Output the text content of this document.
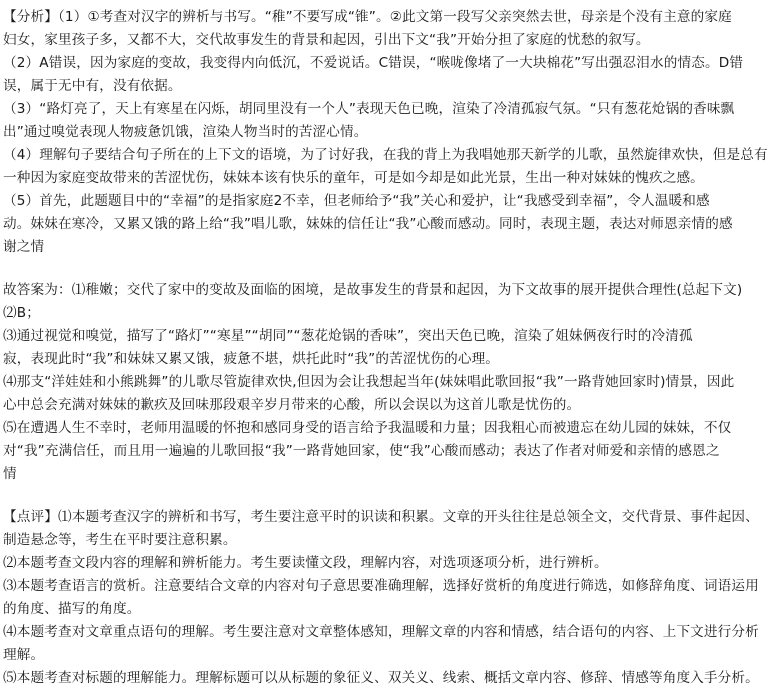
【分析】（1）①考查对汉字的辨析与书写。“稚”不要写成“锥”。②此文第一段写父亲突然去世，母亲是个没有主意的家庭

妇女，家里孩子多，又都不大，交代故事发生的背景和起因，引出下文“我”开始分担了家庭的忧愁的叙写。

（2）A错误，因为家庭的变故，我变得内向低沉，不爱说话。C错误，“喉咙像堵了一大块棉花”写出强忍泪水的情态。D错

误，属于无中有，没有依据。

（3）“路灯亮了，天上有寒星在闪烁，胡同里没有一个人”表现天色已晚，渲染了冷清孤寂气氛。“只有葱花炝锅的香味飘

出”通过嗅觉表现人物疲惫饥饿，渲染人物当时的苦涩心情。

（4）理解句子要结合句子所在的上下文的语境，为了讨好我，在我的背上为我唱她那天新学的儿歌，虽然旋律欢快，但是总有

一种因为家庭变故带来的苦涩忧伤，妹妹本该有快乐的童年，可是如今却是如此光景，生出一种对妹妹的愧疚之感。

（5）首先，此题题目中的“幸福”的是指家庭2不幸，但老师给予“我”关心和爱护，让“我感受到幸福”，令人温暖和感

动。妹妹在寒冷，又累又饿的路上给“我”唱儿歌，妹妹的信任让“我”心酸而感动。同时，表现主题，表达对师恩亲情的感

谢之情

故答案为：⑴稚嫩；交代了家中的变故及面临的困境，是故事发生的背景和起因，为下文故事的展开提供合理性(总起下文)

⑵B；

⑶通过视觉和嗅觉，描写了“路灯”“寒星”“胡同”“葱花炝锅的香味”，突出天色已晚，渲染了姐妹俩夜行时的冷清孤

寂，表现此时“我”和妹妹又累又饿，疲惫不堪，烘托此时“我”的苦涩忧伤的心理。

⑷那支“洋娃娃和小熊跳舞”的儿歌尽管旋律欢快,但因为会让我想起当年(妹妹唱此歌回报“我”一路背她回家时)情景，因此

心中总会充满对妹妹的歉疚及回味那段艰辛岁月带来的心酸，所以会误以为这首儿歌是忧伤的。

⑸在遭遇人生不幸时，老师用温暖的怀抱和感同身受的语言给予我温暖和力量；因我粗心而被遗忘在幼儿园的妹妹，不仅

对“我”充满信任，而且用一遍遍的儿歌回报“我”一路背她回家，使“我”心酸而感动；表达了作者对师爱和亲情的感恩之

情

【点评】⑴本题考查汉字的辨析和书写，考生要注意平时的识读和积累。文章的开头往往是总领全文，交代背景、事件起因、

制造悬念等，考生在平时要注意积累。

⑵本题考查文段内容的理解和辨析能力。考生要读懂文段，理解内容，对选项逐项分析，进行辨析。

⑶本题考查语言的赏析。注意要结合文章的内容对句子意思要准确理解，选择好赏析的角度进行筛选，如修辞角度、词语运用

的角度、描写的角度。

⑷本题考查对文章重点语句的理解。考生要注意对文章整体感知，理解文章的内容和情感，结合语句的内容、上下文进行分析

理解。

⑸本题考查对标题的理解能力。理解标题可以从标题的象征义、双关义、线索、概括文章内容、修辞、情感等角度入手分析。
